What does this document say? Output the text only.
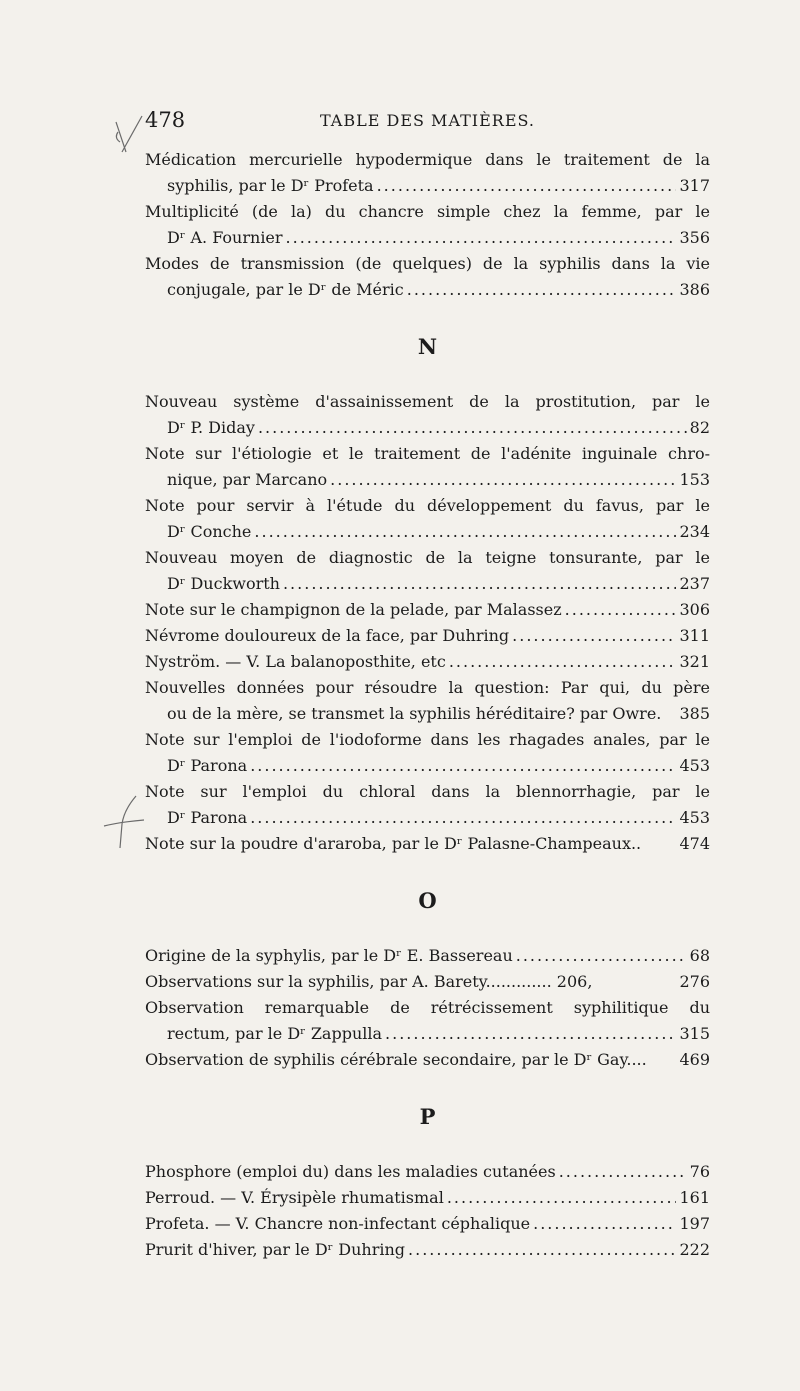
478	TABLE DES MATIÈRES.
Médication mercurielle hypodermique dans le traitement de la
syphilis, par le Dʳ Profeta .....	317
Multiplicité (de la) du chancre simple chez la femme, par le
Dʳ A. Fournier .....	356
Modes de transmission (de quelques) de la syphilis dans la vie
conjugale, par le Dʳ de Méric .....	386
N
Nouveau système d'assainissement de la prostitution, par le
Dʳ P. Diday .....	82
Note sur l'étiologie et le traitement de l'adénite inguinale chro-
nique, par Marcano .....	153
Note pour servir à l'étude du développement du favus, par le
Dʳ Conche .....	234
Nouveau moyen de diagnostic de la teigne tonsurante, par le
Dʳ Duckworth .....	237
Note sur le champignon de la pelade, par Malassez .....	306
Névrome douloureux de la face, par Duhring .....	311
Nyström. — V. La balanoposthite, etc .....	321
Nouvelles données pour résoudre la question: Par qui, du père
ou de la mère, se transmet la syphilis héréditaire? par Owre. 385
Note sur l'emploi de l'iodoforme dans les rhagades anales, par le
Dʳ Parona .....	453
Note sur l'emploi du chloral dans la blennorrhagie, par le
Dʳ Parona .....	453
Note sur la poudre d'araroba, par le Dʳ Palasne-Champeaux.. 474
O
Origine de la syphylis, par le Dʳ E. Bassereau .....	68
Observations sur la syphilis, par A. Barety............. 206,	276
Observation remarquable de rétrécissement syphilitique du
rectum, par le Dʳ Zappulla .....	315
Observation de syphilis cérébrale secondaire, par le Dʳ Gay.... 469
P
Phosphore (emploi du) dans les maladies cutanées .....	76
Perroud. — V. Érysipèle rhumatismal .....	161
Profeta. — V. Chancre non-infectant céphalique .....	197
Prurit d'hiver, par le Dʳ Duhring .....	222
